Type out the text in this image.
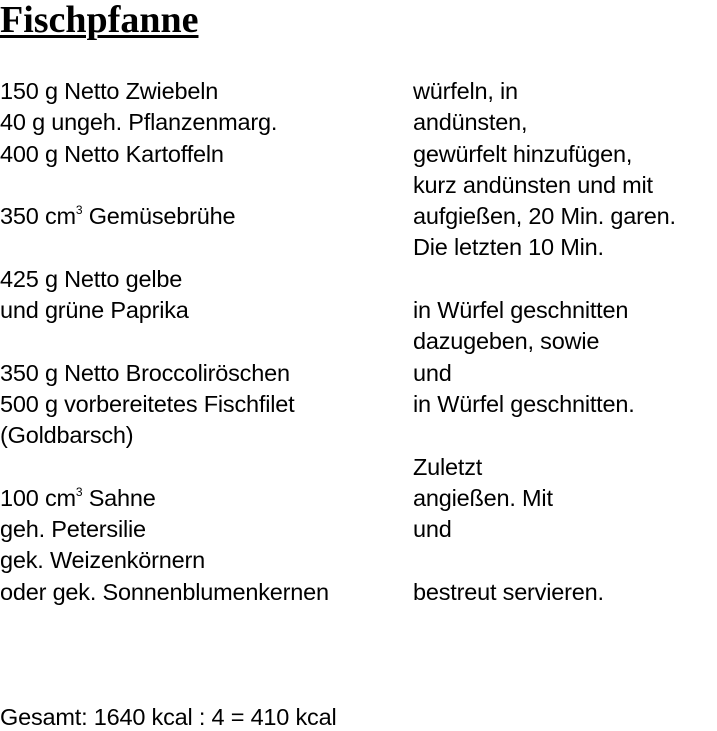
Fischpfanne
150 g Netto Zwiebeln	würfeln, in
40 g ungeh. Pflanzenmarg.	andünsten,
400 g Netto Kartoffeln	gewürfelt hinzufügen,
kurz andünsten und mit
350 $cm^3$ Gemüsebrühe	aufgießen, 20 Min. garen.
Die letzten 10 Min.
425 g Netto gelbe
und grüne Paprika	in Würfel geschnitten
dazugeben, sowie
350 g Netto Broccoliröschen	und
500 g vorbereitetes Fischfilet	in Würfel geschnitten.
(Goldbarsch)
Zuletzt
100 $cm^3$ Sahne	angießen. Mit
geh. Petersilie	und
gek. Weizenkörnern
oder gek. Sonnenblumenkernen	bestreut servieren.
Gesamt: 1640 kcal : 4 = 410 kcal
